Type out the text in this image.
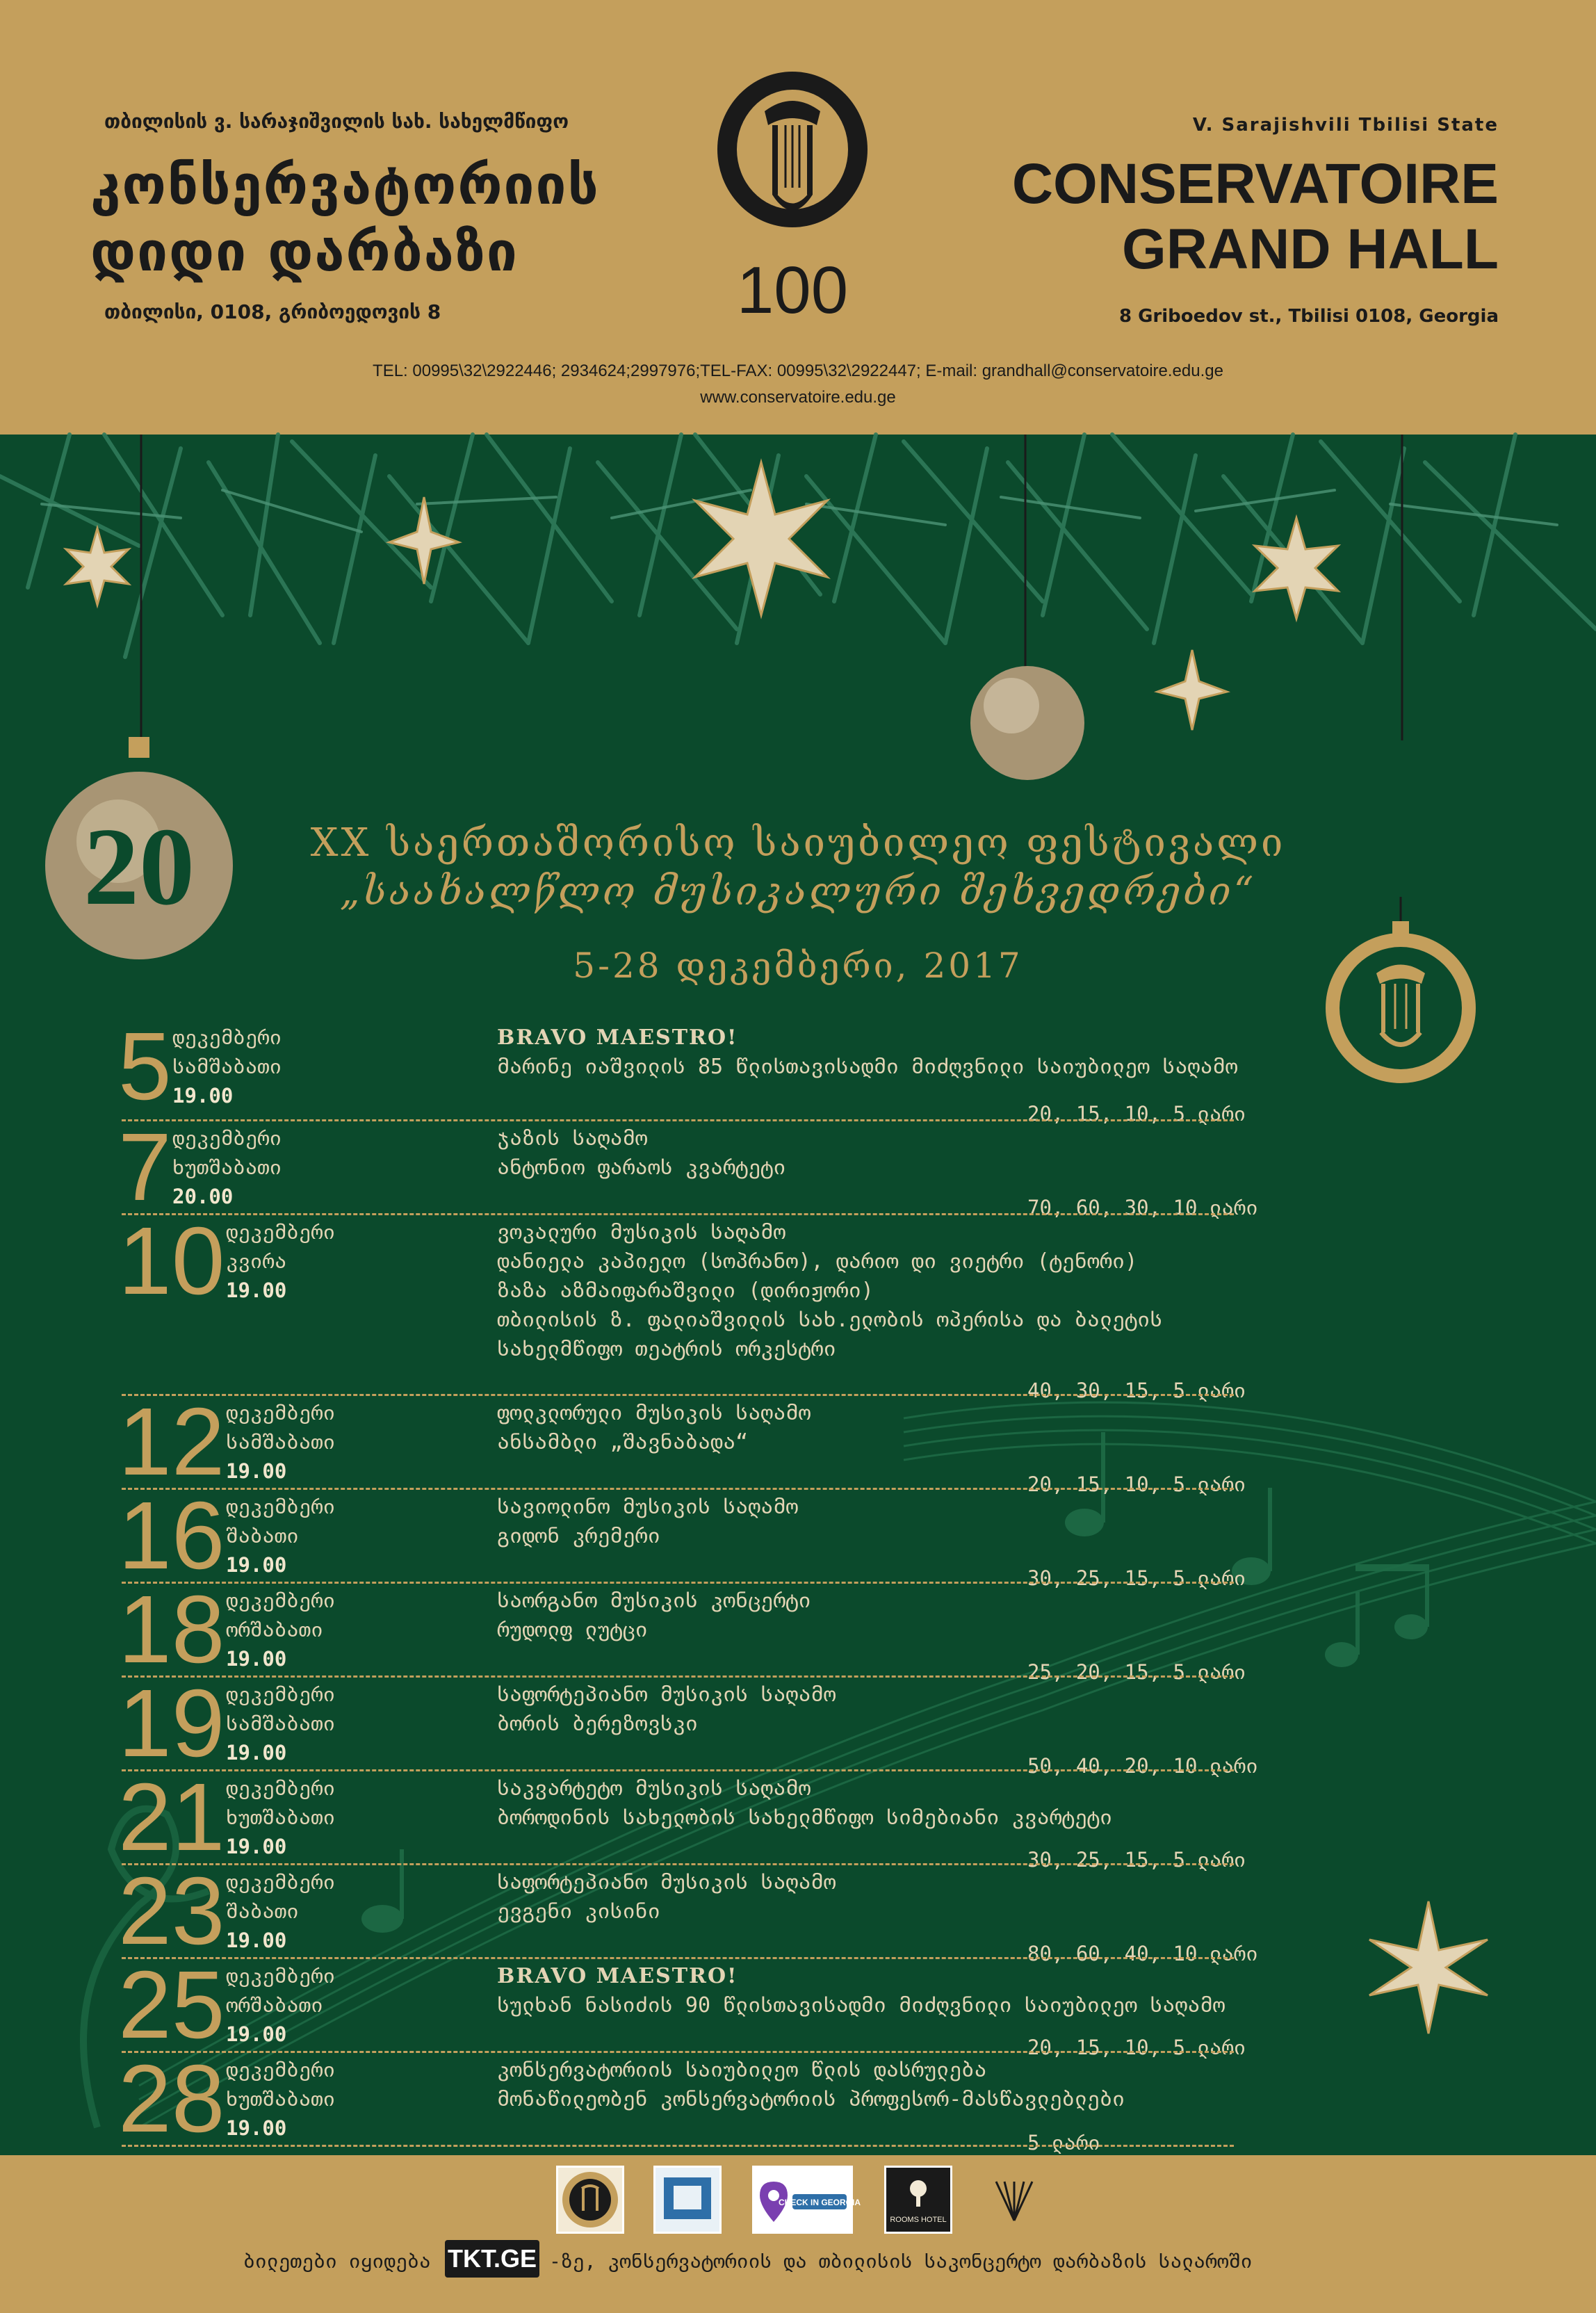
თბილისის ვ. სარაჯიშვილის სახ. სახელმწიფო
კონსერვატორიის
დიდი დარბაზი
თბილისი, 0108, გრიბოედოვის 8
V. Sarajishvili Tbilisi State
CONSERVATOIRE
GRAND HALL
8 Griboedov st., Tbilisi 0108, Georgia
TEL: 00995\32\2922446; 2934624;2997976;TEL-FAX: 00995\32\2922447; E-mail: grandhall@conservatoire.edu.ge
www.conservatoire.edu.ge
100
20	XX საერთაშორისო საიუბილეო ფესტივალი
„საახალწლო მუსიკალური შეხვედრები“
5-28 დეკემბერი, 2017
5 დეკემბერი
სამშაბათი
19.00
BRAVO MAESTRO!
მარინე იაშვილის 85 წლისთავისადმი მიძღვნილი საიუბილეო საღამო
20, 15, 10, 5 ლარი
7 დეკემბერი
ხუთშაბათი
20.00
ჯაზის საღამო
ანტონიო ფარაოს კვარტეტი
70, 60, 30, 10 ლარი
10 დეკემბერი
კვირა
19.00
ვოკალური მუსიკის საღამო
დანიელა კაპიელო (სოპრანო), დარიო დი ვიეტრი (ტენორი)
ზაზა აზმაიფარაშვილი (დირიჟორი)
თბილისის ზ. ფალიაშვილის სახ.ელობის ოპერისა და ბალეტის
სახელმწიფო თეატრის ორკესტრი
40, 30, 15, 5 ლარი
12 დეკემბერი
სამშაბათი
19.00
ფოლკლორული მუსიკის საღამო
ანსამბლი „შავნაბადა“
20, 15, 10, 5 ლარი
16 დეკემბერი
შაბათი
19.00
სავიოლინო მუსიკის საღამო
გიდონ კრემერი
30, 25, 15, 5 ლარი
18 დეკემბერი
ორშაბათი
19.00
საორგანო მუსიკის კონცერტი
რუდოლფ ლუტცი
25, 20, 15, 5 ლარი
19 დეკემბერი
სამშაბათი
19.00
საფორტეპიანო მუსიკის საღამო
ბორის ბერეზოვსკი
50, 40, 20, 10 ლარი
21 დეკემბერი
ხუთშაბათი
19.00
საკვარტეტო მუსიკის საღამო
ბოროდინის სახელობის სახელმწიფო სიმებიანი კვარტეტი
30, 25, 15, 5 ლარი
23 დეკემბერი
შაბათი
19.00
საფორტეპიანო მუსიკის საღამო
ევგენი კისინი
80, 60, 40, 10 ლარი
25 დეკემბერი
ორშაბათი
19.00
BRAVO MAESTRO!
სულხან ნასიძის 90 წლისთავისადმი მიძღვნილი საიუბილეო საღამო
20, 15, 10, 5 ლარი
28 დეკემბერი
ხუთშაბათი
19.00
კონსერვატორიის საიუბილეო წლის დასრულება
მონაწილეობენ კონსერვატორიის პროფესორ-მასწავლებლები
5 ლარი
CHECK IN GEORGIA
ROOMS HOTEL
ბილეთები იყიდება TKT.GE -ზე, კონსერვატორიის და თბილისის საკონცერტო დარბაზის სალაროში
